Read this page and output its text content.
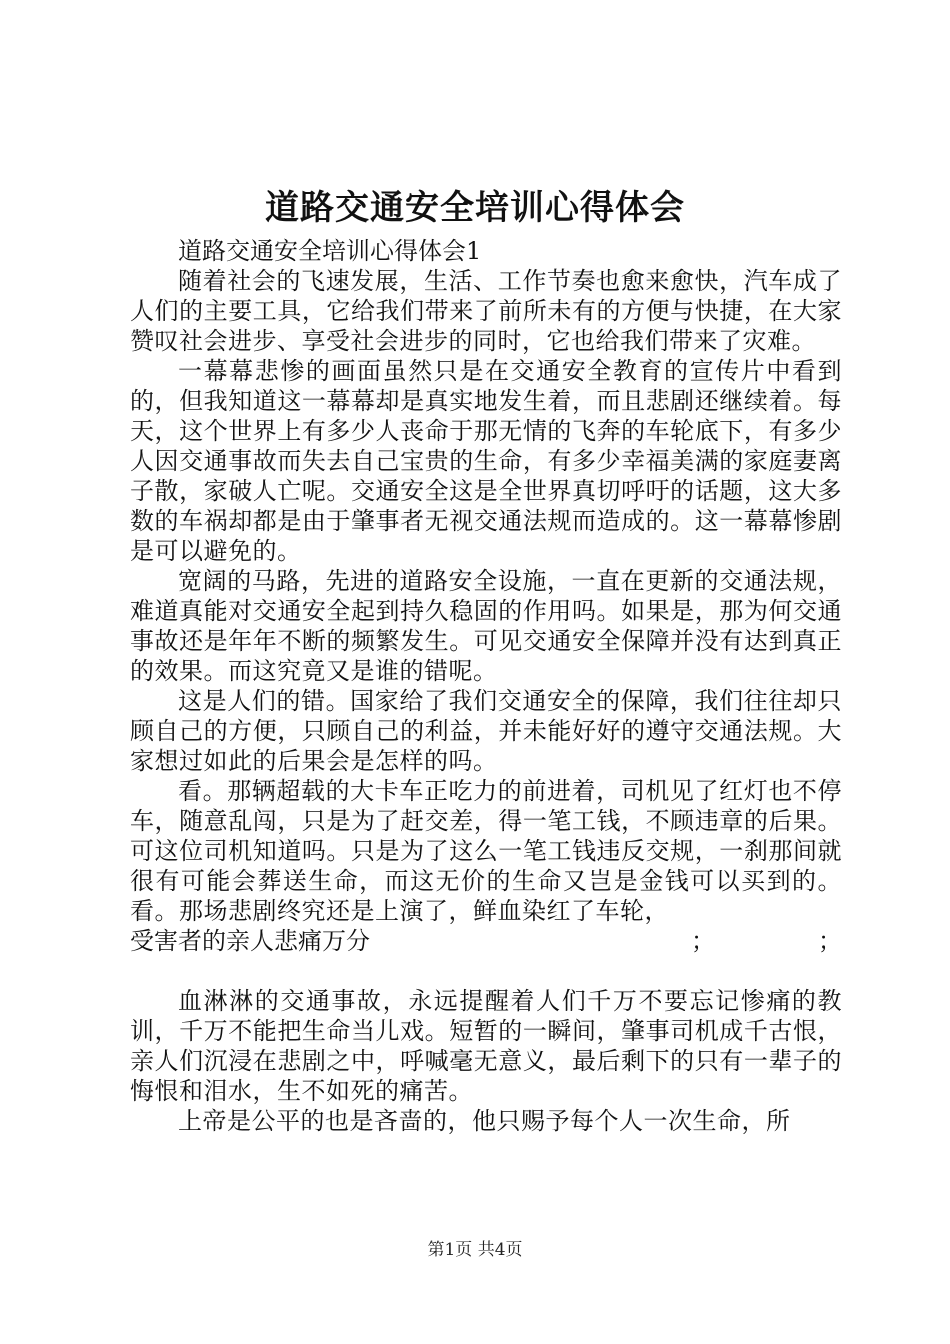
道路交通安全培训心得体会

道路交通安全培训心得体会1

随着社会的飞速发展，生活、工作节奏也愈来愈快，汽车成了人们的主要工具，它给我们带来了前所未有的方便与快捷，在大家赞叹社会进步、享受社会进步的同时，它也给我们带来了灾难。

一幕幕悲惨的画面虽然只是在交通安全教育的宣传片中看到的，但我知道这一幕幕却是真实地发生着，而且悲剧还继续着。每天，这个世界上有多少人丧命于那无情的飞奔的车轮底下，有多少人因交通事故而失去自己宝贵的生命，有多少幸福美满的家庭妻离子散，家破人亡呢。交通安全这是全世界真切呼吁的话题，这大多数的车祸却都是由于肇事者无视交通法规而造成的。这一幕幕惨剧是可以避免的。

宽阔的马路，先进的道路安全设施，一直在更新的交通法规，难道真能对交通安全起到持久稳固的作用吗。如果是，那为何交通事故还是年年不断的频繁发生。可见交通安全保障并没有达到真正的效果。而这究竟又是谁的错呢。

这是人们的错。国家给了我们交通安全的保障，我们往往却只顾自己的方便，只顾自己的利益，并未能好好的遵守交通法规。大家想过如此的后果会是怎样的吗。

看。那辆超载的大卡车正吃力的前进着，司机见了红灯也不停车，随意乱闯，只是为了赶交差，得一笔工钱，不顾违章的后果。可这位司机知道吗。只是为了这么一笔工钱违反交规，一刹那间就很有可能会葬送生命，而这无价的生命又岂是金钱可以买到的。看。那场悲剧终究还是上演了，鲜血染红了车轮，

受害者的亲人悲痛万分	；	；

血淋淋的交通事故，永远提醒着人们千万不要忘记惨痛的教训，千万不能把生命当儿戏。短暂的一瞬间，肇事司机成千古恨，亲人们沉浸在悲剧之中，呼喊毫无意义，最后剩下的只有一辈子的悔恨和泪水，生不如死的痛苦。

上帝是公平的也是吝啬的，他只赐予每个人一次生命，所

第1页 共4页
